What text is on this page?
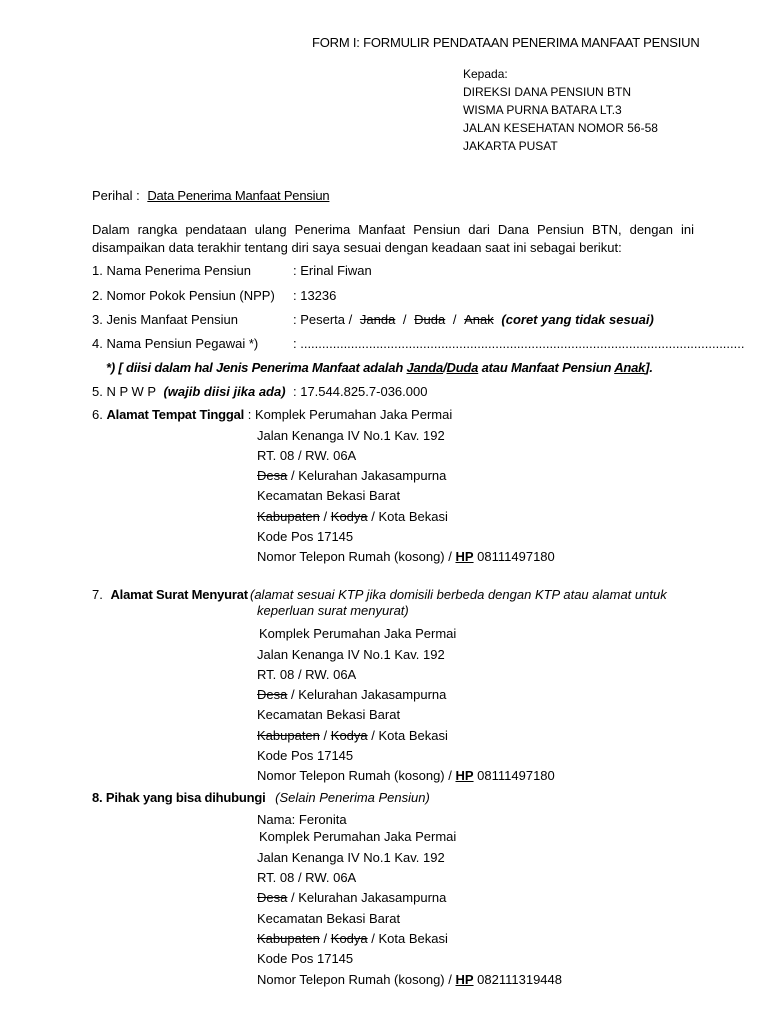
FORM I: FORMULIR PENDATAAN PENERIMA MANFAAT PENSIUN
Kepada:
DIREKSI DANA PENSIUN BTN
WISMA PURNA BATARA LT.3
JALAN KESEHATAN NOMOR 56-58
JAKARTA PUSAT
Perihal : Data Penerima Manfaat Pensiun
Dalam rangka pendataan ulang Penerima Manfaat Pensiun dari Dana Pensiun BTN, dengan ini disampaikan data terakhir tentang diri saya sesuai dengan keadaan saat ini sebagai berikut:
1. Nama Penerima Pensiun	: Erinal Fiwan
2. Nomor Pokok Pensiun (NPP) : 13236
3. Jenis Manfaat Pensiun	: Peserta / Janda / Duda / Anak (coret yang tidak sesuai)
4. Nama Pensiun Pegawai *)	: ...........................................................................................................................
*) [ diisi dalam hal Jenis Penerima Manfaat adalah Janda/Duda atau Manfaat Pensiun Anak].
5. N P W P (wajib diisi jika ada) : 17.544.825.7-036.000
6. Alamat Tempat Tinggal : Komplek Perumahan Jaka Permai
Jalan Kenanga IV No.1 Kav. 192
RT. 08 / RW. 06A
Desa / Kelurahan Jakasampurna
Kecamatan Bekasi Barat
Kabupaten / Kodya / Kota Bekasi
Kode Pos 17145
Nomor Telepon Rumah (kosong) / HP 08111497180
7. Alamat Surat Menyurat (alamat sesuai KTP jika domisili berbeda dengan KTP atau alamat untuk
keperluan surat menyurat)
Komplek Perumahan Jaka Permai
Jalan Kenanga IV No.1 Kav. 192
RT. 08 / RW. 06A
Desa / Kelurahan Jakasampurna
Kecamatan Bekasi Barat
Kabupaten / Kodya / Kota Bekasi
Kode Pos 17145
Nomor Telepon Rumah (kosong) / HP 08111497180
8. Pihak yang bisa dihubungi (Selain Penerima Pensiun)
Nama: Feronita
Komplek Perumahan Jaka Permai
Jalan Kenanga IV No.1 Kav. 192
RT. 08 / RW. 06A
Desa / Kelurahan Jakasampurna
Kecamatan Bekasi Barat
Kabupaten / Kodya / Kota Bekasi
Kode Pos 17145
Nomor Telepon Rumah (kosong) / HP 082111319448
